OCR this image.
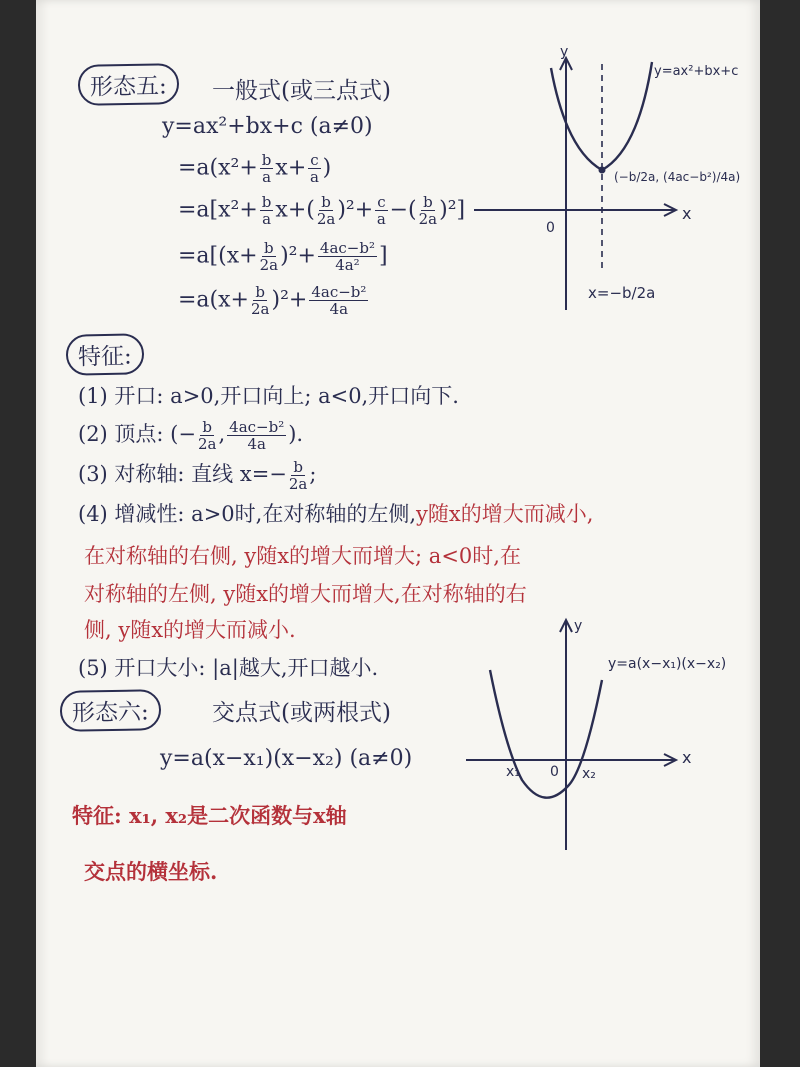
形态五:	一般式(或三点式)
y=ax²+bx+c (a≠0)
$=a(x^2+ \frac{b}{a} x+ \frac{c}{a}$ )
$=a[x^2+ \frac{b}{a} x+( \frac{b}{2a} )^2+ \frac{c}{a}$ −( $\frac{b}{2a} )^2$]
$=a[(x+ \frac{b}{2a} )^2+ \frac{\text{4ac−b²}}{\text{4a²}}$ ]
$=a(x+ \frac{b}{2a} )^2+ \frac{\text{4ac−b²}}{4a}$
y
x
0
y=ax²+bx+c
(−b/2a, (4ac−b²)/4a)
x=−b/2a
特征:
(1) 开口: a>0,开口向上; a<0,开口向下.
(2) 顶点: (− $\frac{b}{2a}$ , $\frac{\text{4ac−b²}}{4a}$ ).
(3) 对称轴: 直线 $x=- \frac{b}{2a}$ ;
(4) 增减性: a>0时,在对称轴的左侧,y随x的增大而减小,
在对称轴的右侧, y随x的增大而增大; a<0时,在
对称轴的左侧, y随x的增大而增大,在对称轴的右
侧, y随x的增大而减小.
(5) 开口大小: |a|越大,开口越小.
形态六:	交点式(或两根式)
y=a(x−x₁)(x−x₂) (a≠0)
特征: x₁, x₂是二次函数与x轴
交点的横坐标.
y
x
0
x₁	x₂
y=a(x−x₁)(x−x₂)
